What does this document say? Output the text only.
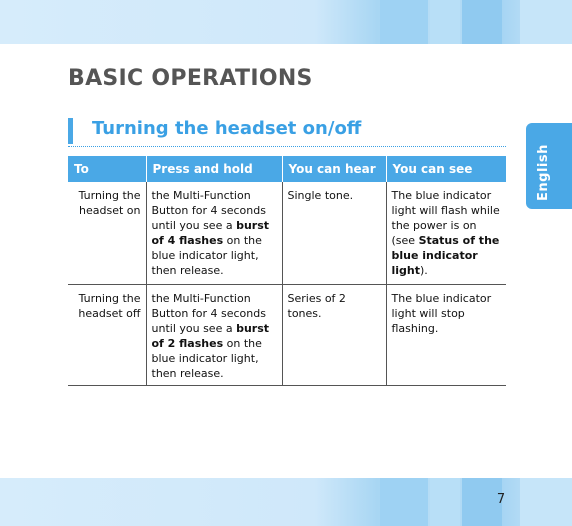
English
BASIC OPERATIONS
Turning the headset on/off
To	Press and hold	You can hear	You can see
Turning the headset on	the Multi-Function Button for 4 seconds until you see a burst of 4 flashes on the blue indicator light, then release.	Single tone.	The blue indicator light will flash while the power is on (see Status of the blue indicator light).
Turning the headset off	the Multi-Function Button for 4 seconds until you see a burst of 2 flashes on the blue indicator light, then release.	Series of 2 tones.	The blue indicator light will stop flashing.
7
